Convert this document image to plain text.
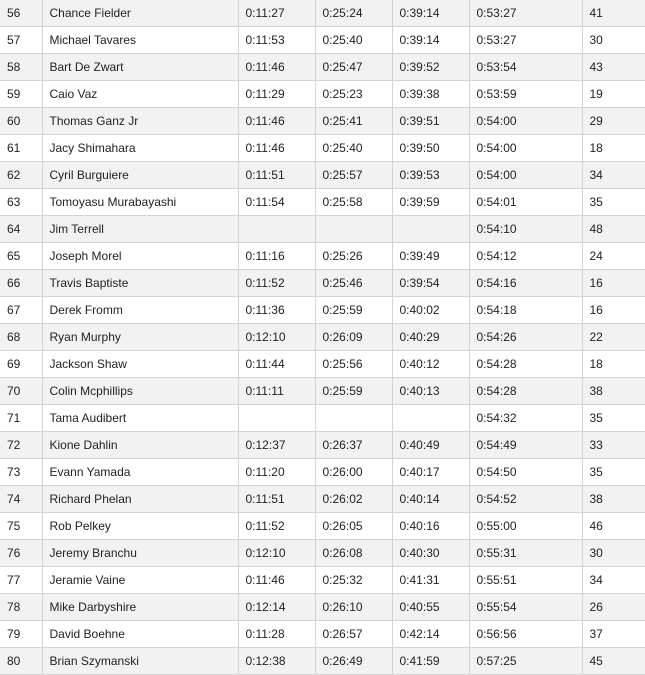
56	Chance Fielder	0:11:27	0:25:24	0:39:14	0:53:27	41
57	Michael Tavares	0:11:53	0:25:40	0:39:14	0:53:27	30
58	Bart De Zwart	0:11:46	0:25:47	0:39:52	0:53:54	43
59	Caio Vaz	0:11:29	0:25:23	0:39:38	0:53:59	19
60	Thomas Ganz Jr	0:11:46	0:25:41	0:39:51	0:54:00	29
61	Jacy Shimahara	0:11:46	0:25:40	0:39:50	0:54:00	18
62	Cyril Burguiere	0:11:51	0:25:57	0:39:53	0:54:00	34
63	Tomoyasu Murabayashi	0:11:54	0:25:58	0:39:59	0:54:01	35
64	Jim Terrell				0:54:10	48
65	Joseph Morel	0:11:16	0:25:26	0:39:49	0:54:12	24
66	Travis Baptiste	0:11:52	0:25:46	0:39:54	0:54:16	16
67	Derek Fromm	0:11:36	0:25:59	0:40:02	0:54:18	16
68	Ryan Murphy	0:12:10	0:26:09	0:40:29	0:54:26	22
69	Jackson Shaw	0:11:44	0:25:56	0:40:12	0:54:28	18
70	Colin Mcphillips	0:11:11	0:25:59	0:40:13	0:54:28	38
71	Tama Audibert				0:54:32	35
72	Kione Dahlin	0:12:37	0:26:37	0:40:49	0:54:49	33
73	Evann Yamada	0:11:20	0:26:00	0:40:17	0:54:50	35
74	Richard Phelan	0:11:51	0:26:02	0:40:14	0:54:52	38
75	Rob Pelkey	0:11:52	0:26:05	0:40:16	0:55:00	46
76	Jeremy Branchu	0:12:10	0:26:08	0:40:30	0:55:31	30
77	Jeramie Vaine	0:11:46	0:25:32	0:41:31	0:55:51	34
78	Mike Darbyshire	0:12:14	0:26:10	0:40:55	0:55:54	26
79	David Boehne	0:11:28	0:26:57	0:42:14	0:56:56	37
80	Brian Szymanski	0:12:38	0:26:49	0:41:59	0:57:25	45
